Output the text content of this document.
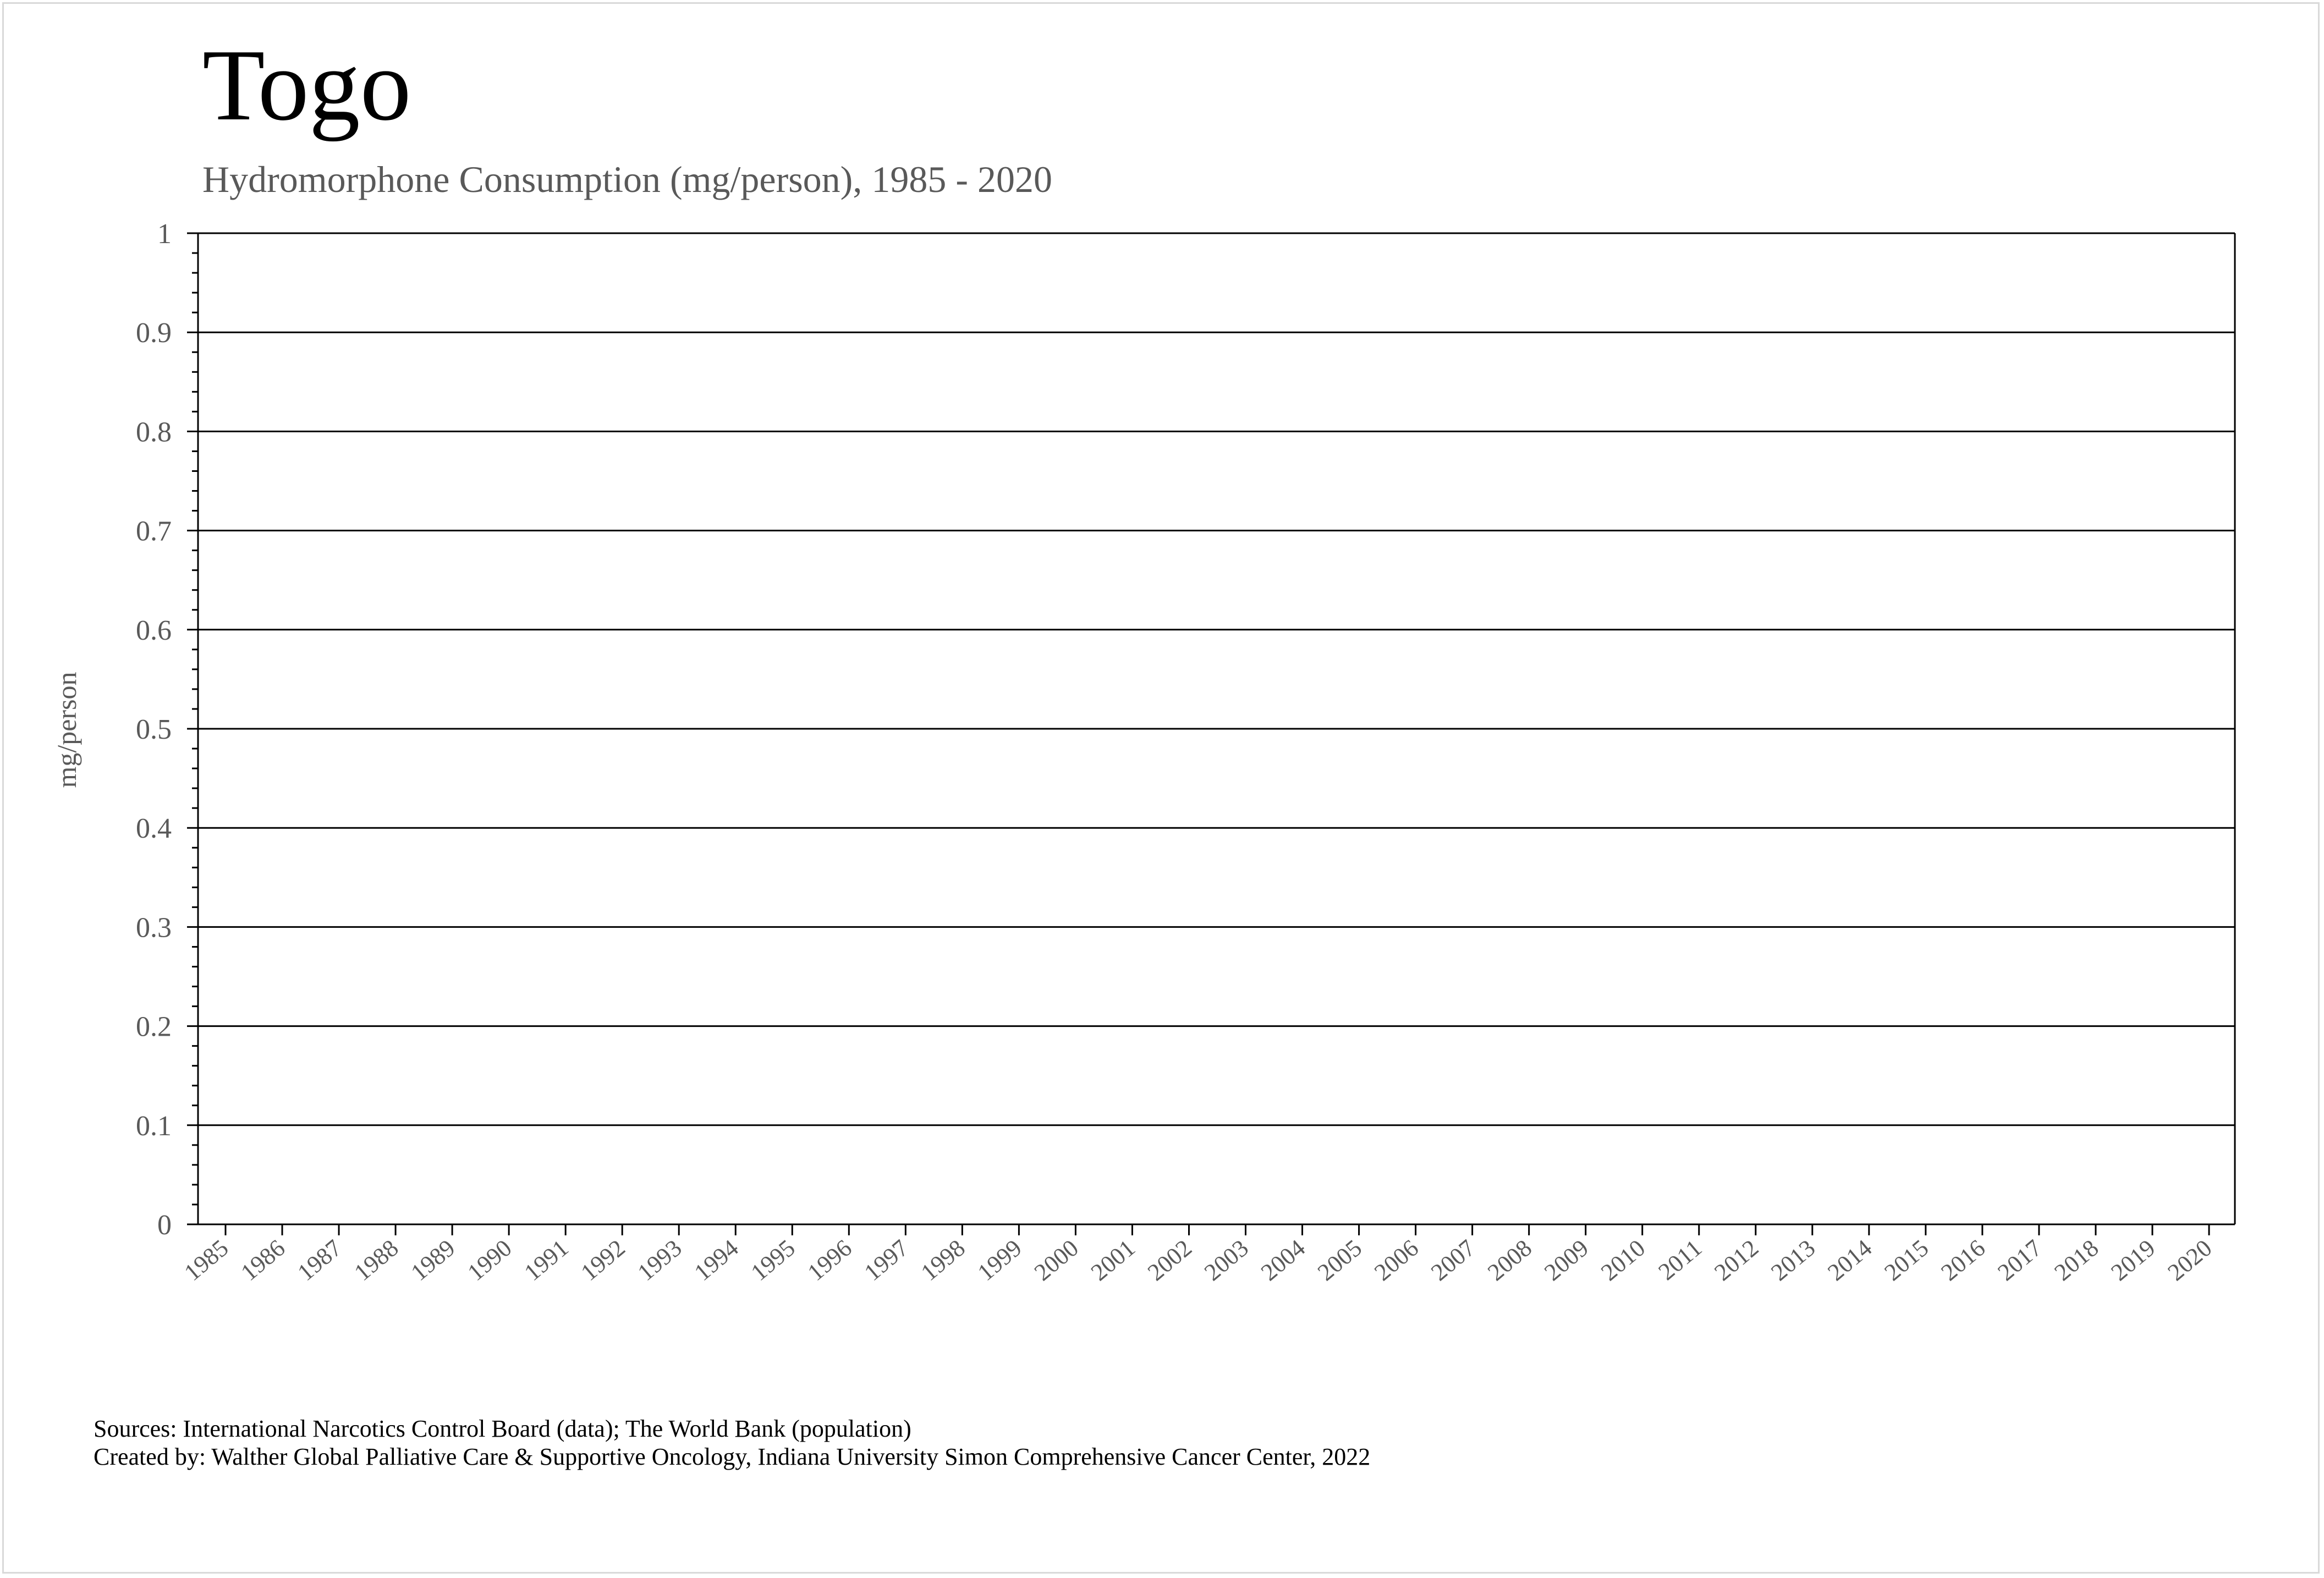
Togo
Hydromorphone Consumption (mg/person), 1985 - 2020
0
0.1
0.2
0.3
0.4
0.5
0.6
0.7
0.8
0.9
1
1985 1986 1987 1988 1989 1990 1991 1992 1993 1994 1995 1996 1997 1998 1999 2000 2001 2002 2003 2004 2005 2006 2007 2008 2009 2010 2011 2012 2013 2014 2015 2016 2017 2018 2019 2020
mg/person
Sources: International Narcotics Control Board (data); The World Bank (population)
Created by: Walther Global Palliative Care & Supportive Oncology, Indiana University Simon Comprehensive Cancer Center, 2022
